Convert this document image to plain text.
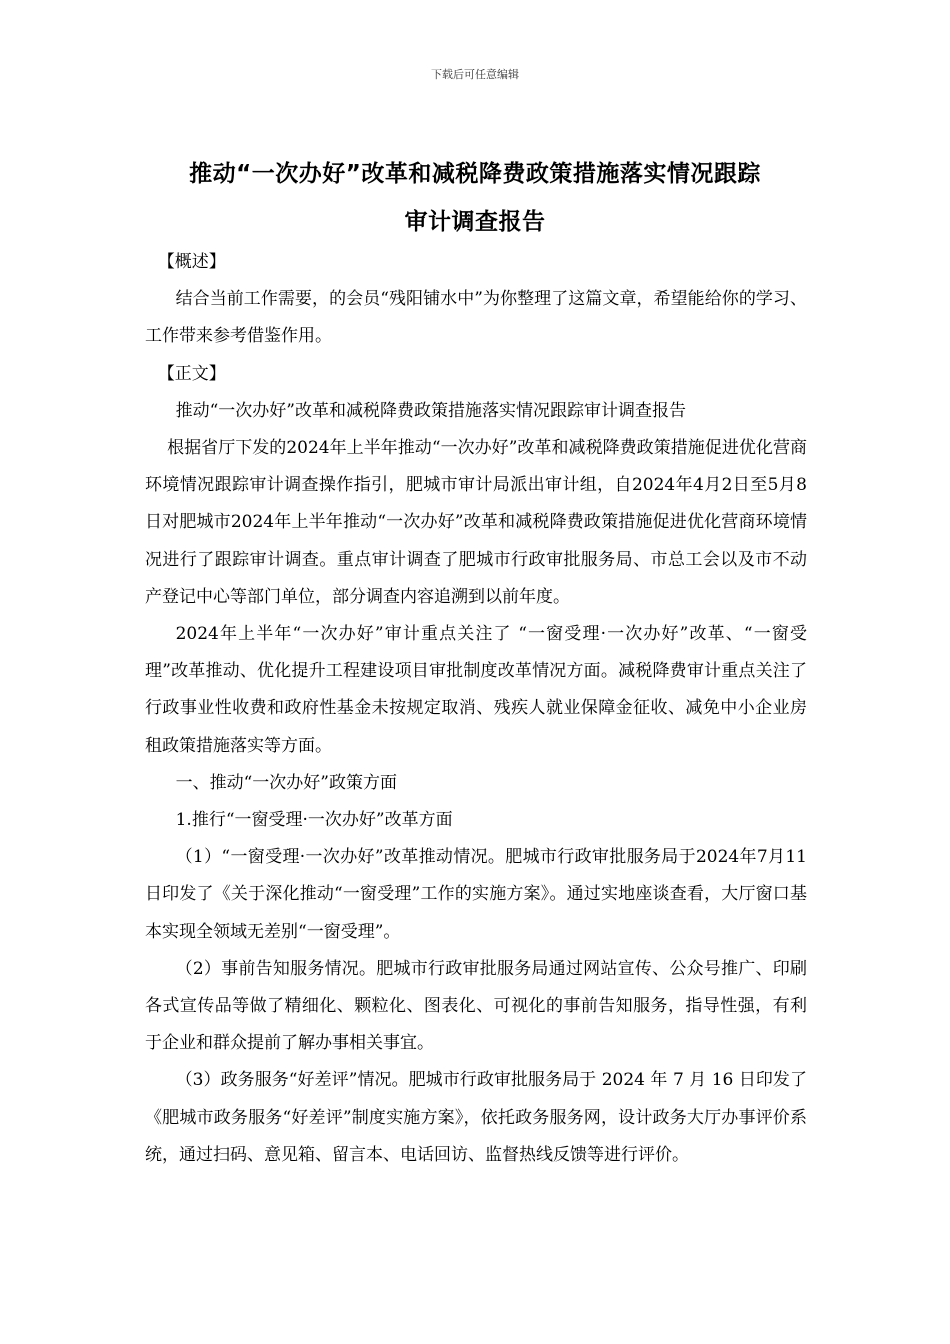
下载后可任意编辑
推动“一次办好”改革和减税降费政策措施落实情况跟踪
审计调查报告

【概述】

结合当前工作需要，的会员“残阳铺水中”为你整理了这篇文章，希望能给你的学习、工作带来参考借鉴作用。

【正文】

推动“一次办好”改革和减税降费政策措施落实情况跟踪审计调查报告

根据省厅下发的2024年上半年推动“一次办好”改革和减税降费政策措施促进优化营商环境情况跟踪审计调查操作指引，肥城市审计局派出审计组，自2024年4月2日至5月8日对肥城市2024年上半年推动“一次办好”改革和减税降费政策措施促进优化营商环境情况进行了跟踪审计调查。重点审计调查了肥城市行政审批服务局、市总工会以及市不动产登记中心等部门单位，部分调查内容追溯到以前年度。

2024年上半年“一次办好”审计重点关注了 “一窗受理·一次办好”改革、“一窗受理”改革推动、优化提升工程建设项目审批制度改革情况方面。减税降费审计重点关注了行政事业性收费和政府性基金未按规定取消、残疾人就业保障金征收、减免中小企业房租政策措施落实等方面。

一、推动“一次办好”政策方面

1.推行“一窗受理·一次办好”改革方面

（1）“一窗受理·一次办好”改革推动情况。肥城市行政审批服务局于2024年7月11日印发了《关于深化推动“一窗受理”工作的实施方案》。通过实地座谈查看，大厅窗口基本实现全领域无差别“一窗受理”。

（2）事前告知服务情况。肥城市行政审批服务局通过网站宣传、公众号推广、印刷各式宣传品等做了精细化、颗粒化、图表化、可视化的事前告知服务，指导性强，有利于企业和群众提前了解办事相关事宜。

（3）政务服务“好差评”情况。肥城市行政审批服务局于 2024 年 7 月 16 日印发了《肥城市政务服务“好差评”制度实施方案》，依托政务服务网，设计政务大厅办事评价系统，通过扫码、意见箱、留言本、电话回访、监督热线反馈等进行评价。
